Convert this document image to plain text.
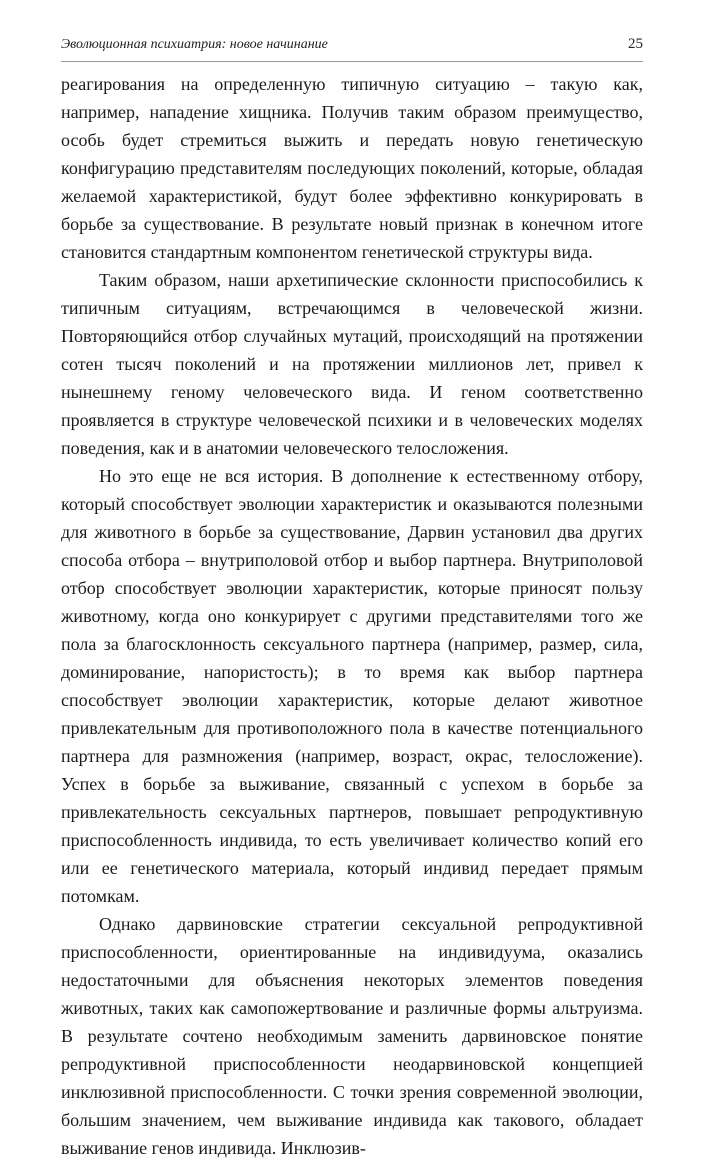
Эволюционная психиатрия: новое начинание	25

реагирования на определенную типичную ситуацию – такую как, например, нападение хищника. Получив таким образом преимущество, особь будет стремиться выжить и передать новую генетическую конфигурацию представителям последующих поколений, которые, обладая желаемой характеристикой, будут более эффективно конкурировать в борьбе за существование. В результате новый признак в конечном итоге становится стандартным компонентом генетической структуры вида.

Таким образом, наши архетипические склонности приспособились к типичным ситуациям, встречающимся в человеческой жизни. Повторяющийся отбор случайных мутаций, происходящий на протяжении сотен тысяч поколений и на протяжении миллионов лет, привел к нынешнему геному человеческого вида. И геном соответственно проявляется в структуре человеческой психики и в человеческих моделях поведения, как и в анатомии человеческого телосложения.

Но это еще не вся история. В дополнение к естественному отбору, который способствует эволюции характеристик и оказываются полезными для животного в борьбе за существование, Дарвин установил два других способа отбора – внутриполовой отбор и выбор партнера. Внутриполовой отбор способствует эволюции характеристик, которые приносят пользу животному, когда оно конкурирует с другими представителями того же пола за благосклонность сексуального партнера (например, размер, сила, доминирование, напористость); в то время как выбор партнера способствует эволюции характеристик, которые делают животное привлекательным для противоположного пола в качестве потенциального партнера для размножения (например, возраст, окрас, телосложение). Успех в борьбе за выживание, связанный с успехом в борьбе за привлекательность сексуальных партнеров, повышает репродуктивную приспособленность индивида, то есть увеличивает количество копий его или ее генетического материала, который индивид передает прямым потомкам.

Однако дарвиновские стратегии сексуальной репродуктивной приспособленности, ориентированные на индивидуума, оказались недостаточными для объяснения некоторых элементов поведения животных, таких как самопожертвование и различные формы альтруизма. В результате сочтено необходимым заменить дарвиновское понятие репродуктивной приспособленности неодарвиновской концепцией инклюзивной приспособленности. С точки зрения современной эволюции, большим значением, чем выживание индивида как такового, обладает выживание генов индивида. Инклюзив-
